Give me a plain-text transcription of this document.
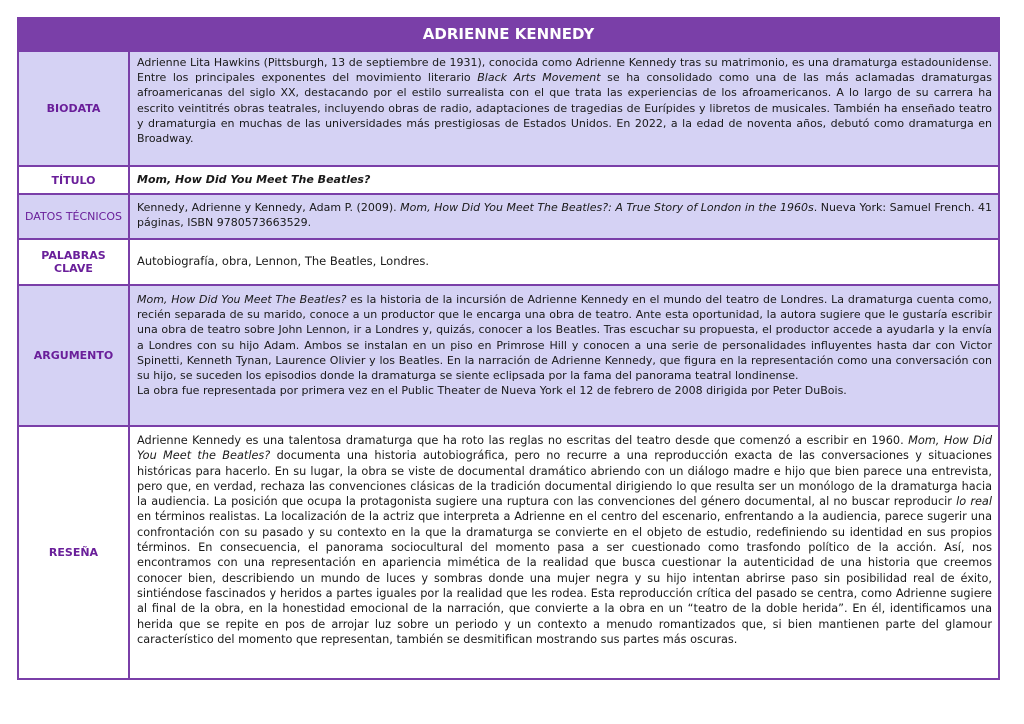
ADRIENNE KENNEDY
BIODATA
Adrienne Lita Hawkins (Pittsburgh, 13 de septiembre de 1931), conocida como Adrienne Kennedy tras su matrimonio, es una dramaturga estadounidense. Entre los principales exponentes del movimiento literario Black Arts Movement se ha consolidado como una de las más aclamadas dramaturgas afroamericanas del siglo XX, destacando por el estilo surrealista con el que trata las experiencias de los afroamericanos. A lo largo de su carrera ha escrito veintitrés obras teatrales, incluyendo obras de radio, adaptaciones de tragedias de Eurípides y libretos de musicales. También ha enseñado teatro y dramaturgia en muchas de las universidades más prestigiosas de Estados Unidos. En 2022, a la edad de noventa años, debutó como dramaturga en Broadway.
TÍTULO	Mom, How Did You Meet The Beatles?
DATOS TÉCNICOS
Kennedy, Adrienne y Kennedy, Adam P. (2009). Mom, How Did You Meet The Beatles?: A True Story of London in the 1960s. Nueva York: Samuel French. 41 páginas, ISBN 9780573663529.
PALABRAS CLAVE
Autobiografía, obra, Lennon, The Beatles, Londres.
ARGUMENTO

Mom, How Did You Meet The Beatles? es la historia de la incursión de Adrienne Kennedy en el mundo del teatro de Londres. La dramaturga cuenta como, recién separada de su marido, conoce a un productor que le encarga una obra de teatro. Ante esta oportunidad, la autora sugiere que le gustaría escribir una obra de teatro sobre John Lennon, ir a Londres y, quizás, conocer a los Beatles. Tras escuchar su propuesta, el productor accede a ayudarla y la envía a Londres con su hijo Adam. Ambos se instalan en un piso en Primrose Hill y conocen a una serie de personalidades influyentes hasta dar con Victor Spinetti, Kenneth Tynan, Laurence Olivier y los Beatles. En la narración de Adrienne Kennedy, que figura en la representación como una conversación con su hijo, se suceden los episodios donde la dramaturga se siente eclipsada por la fama del panorama teatral londinense.

La obra fue representada por primera vez en el Public Theater de Nueva York el 12 de febrero de 2008 dirigida por Peter DuBois.

RESEÑA
Adrienne Kennedy es una talentosa dramaturga que ha roto las reglas no escritas del teatro desde que comenzó a escribir en 1960. Mom, How Did You Meet the Beatles? documenta una historia autobiográfica, pero no recurre a una reproducción exacta de las conversaciones y situaciones históricas para hacerlo. En su lugar, la obra se viste de documental dramático abriendo con un diálogo madre e hijo que bien parece una entrevista, pero que, en verdad, rechaza las convenciones clásicas de la tradición documental dirigiendo lo que resulta ser un monólogo de la dramaturga hacia la audiencia. La posición que ocupa la protagonista sugiere una ruptura con las convenciones del género documental, al no buscar reproducir lo real en términos realistas. La localización de la actriz que interpreta a Adrienne en el centro del escenario, enfrentando a la audiencia, parece sugerir una confrontación con su pasado y su contexto en la que la dramaturga se convierte en el objeto de estudio, redefiniendo su identidad en sus propios términos. En consecuencia, el panorama sociocultural del momento pasa a ser cuestionado como trasfondo político de la acción. Así, nos encontramos con una representación en apariencia mimética de la realidad que busca cuestionar la autenticidad de una historia que creemos conocer bien, describiendo un mundo de luces y sombras donde una mujer negra y su hijo intentan abrirse paso sin posibilidad real de éxito, sintiéndose fascinados y heridos a partes iguales por la realidad que les rodea. Esta reproducción crítica del pasado se centra, como Adrienne sugiere al final de la obra, en la honestidad emocional de la narración, que convierte a la obra en un “teatro de la doble herida”. En él, identificamos una herida que se repite en pos de arrojar luz sobre un periodo y un contexto a menudo romantizados que, si bien mantienen parte del glamour característico del momento que representan, también se desmitifican mostrando sus partes más oscuras.
